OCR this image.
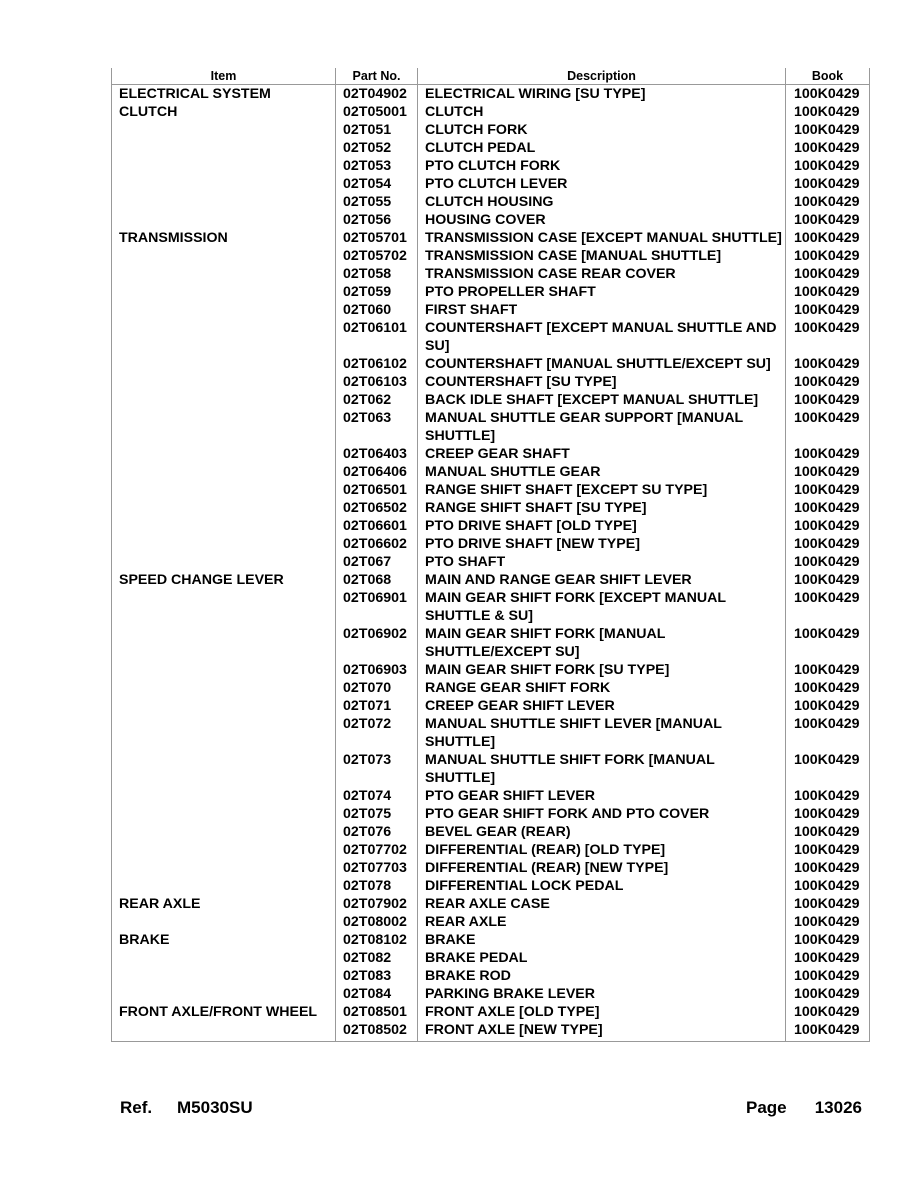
Item	Part No.	Description	Book
ELECTRICAL SYSTEM	02T04902	ELECTRICAL WIRING [SU TYPE]	100K0429
CLUTCH	02T05001	CLUTCH	100K0429
	02T051	CLUTCH FORK	100K0429
	02T052	CLUTCH PEDAL	100K0429
	02T053	PTO CLUTCH FORK	100K0429
	02T054	PTO CLUTCH LEVER	100K0429
	02T055	CLUTCH HOUSING	100K0429
	02T056	HOUSING COVER	100K0429
TRANSMISSION	02T05701	TRANSMISSION CASE [EXCEPT MANUAL SHUTTLE]	100K0429
	02T05702	TRANSMISSION CASE [MANUAL SHUTTLE]	100K0429
	02T058	TRANSMISSION CASE REAR COVER	100K0429
	02T059	PTO PROPELLER SHAFT	100K0429
	02T060	FIRST SHAFT	100K0429
	02T06101	COUNTERSHAFT [EXCEPT MANUAL SHUTTLE AND SU]	100K0429
	02T06102	COUNTERSHAFT [MANUAL SHUTTLE/EXCEPT SU]	100K0429
	02T06103	COUNTERSHAFT [SU TYPE]	100K0429
	02T062	BACK IDLE SHAFT [EXCEPT MANUAL SHUTTLE]	100K0429
	02T063	MANUAL SHUTTLE GEAR SUPPORT [MANUAL SHUTTLE]	100K0429
	02T06403	CREEP GEAR SHAFT	100K0429
	02T06406	MANUAL SHUTTLE GEAR	100K0429
	02T06501	RANGE SHIFT SHAFT [EXCEPT SU TYPE]	100K0429
	02T06502	RANGE SHIFT SHAFT [SU TYPE]	100K0429
	02T06601	PTO DRIVE SHAFT [OLD TYPE]	100K0429
	02T06602	PTO DRIVE SHAFT [NEW TYPE]	100K0429
	02T067	PTO SHAFT	100K0429
SPEED CHANGE LEVER	02T068	MAIN AND RANGE GEAR SHIFT LEVER	100K0429
	02T06901	MAIN GEAR SHIFT FORK [EXCEPT MANUAL SHUTTLE & SU]	100K0429
	02T06902	MAIN GEAR SHIFT FORK [MANUAL SHUTTLE/EXCEPT SU]	100K0429
	02T06903	MAIN GEAR SHIFT FORK [SU TYPE]	100K0429
	02T070	RANGE GEAR SHIFT FORK	100K0429
	02T071	CREEP GEAR SHIFT LEVER	100K0429
	02T072	MANUAL SHUTTLE SHIFT LEVER [MANUAL SHUTTLE]	100K0429
	02T073	MANUAL SHUTTLE SHIFT FORK [MANUAL SHUTTLE]	100K0429
	02T074	PTO GEAR SHIFT LEVER	100K0429
	02T075	PTO GEAR SHIFT FORK AND PTO COVER	100K0429
	02T076	BEVEL GEAR (REAR)	100K0429
	02T07702	DIFFERENTIAL (REAR) [OLD TYPE]	100K0429
	02T07703	DIFFERENTIAL (REAR) [NEW TYPE]	100K0429
	02T078	DIFFERENTIAL LOCK PEDAL	100K0429
REAR AXLE	02T07902	REAR AXLE CASE	100K0429
	02T08002	REAR AXLE	100K0429
BRAKE	02T08102	BRAKE	100K0429
	02T082	BRAKE PEDAL	100K0429
	02T083	BRAKE ROD	100K0429
	02T084	PARKING BRAKE LEVER	100K0429
FRONT AXLE/FRONT WHEEL	02T08501	FRONT AXLE [OLD TYPE]	100K0429
	02T08502	FRONT AXLE [NEW TYPE]	100K0429
Ref. M5030SU	Page 13026
